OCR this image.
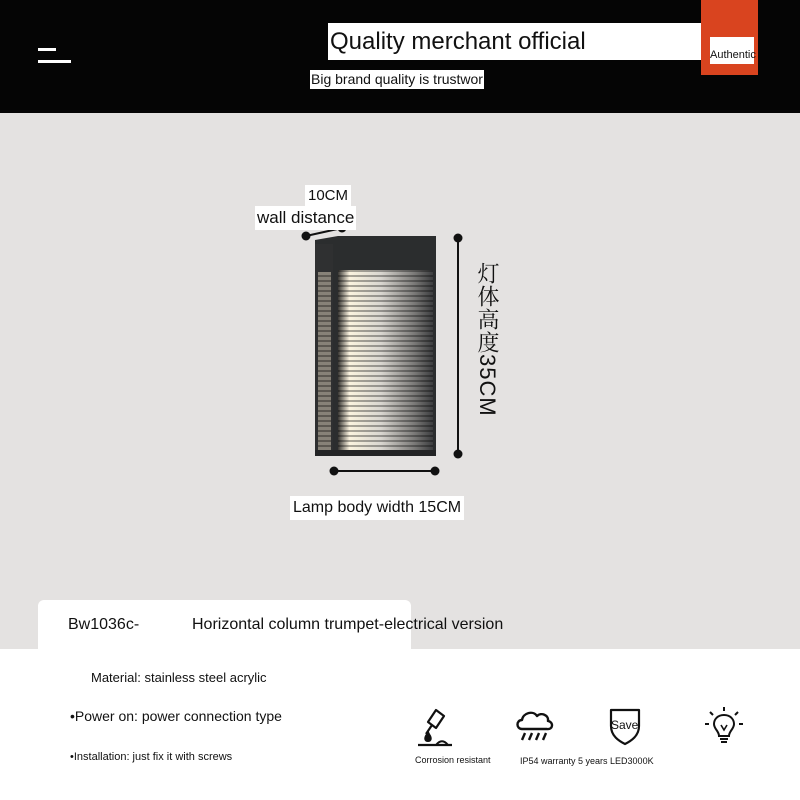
Quality merchant official	Authentic
Big brand quality is trustwor
10CM
wall distance
灯体高度35CM
Lamp body width 15CM
Bw1036c-	Horizontal column trumpet-electrical version
Material: stainless steel acrylic
•Power on: power connection type
•Installation: just fix it with screws	Corrosion resistant	IP54 warranty 5 years LED3000K
Save
